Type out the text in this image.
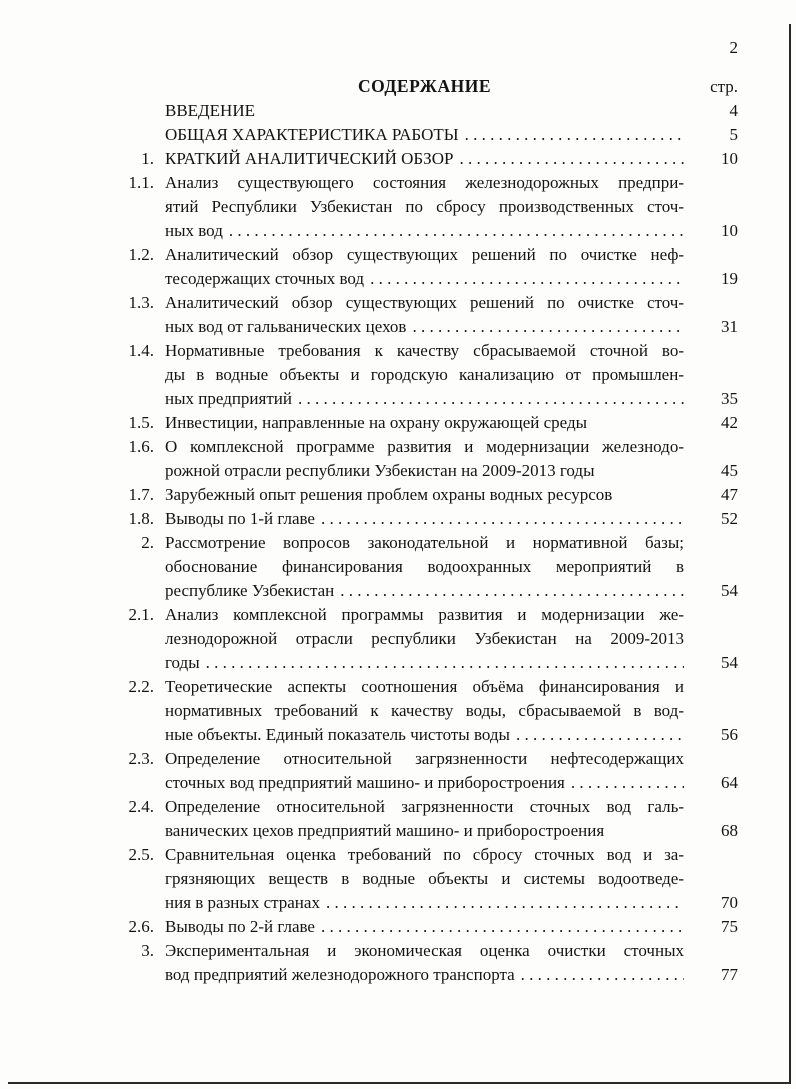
2
СОДЕРЖАНИЕ	стр.
ВВЕДЕНИЕ	4
ОБЩАЯ ХАРАКТЕРИСТИКА РАБОТЫ . . .	5
1. КРАТКИЙ АНАЛИТИЧЕСКИЙ ОБЗОР . . .	10
1.1. Анализ существующего состояния железнодорожных предпри-
ятий Республики Узбекистан по сбросу производственных сточ-
ных вод . . .	10
1.2. Аналитический обзор существующих решений по очистке неф-
тесодержащих сточных вод . . .	19
1.3. Аналитический обзор существующих решений по очистке сточ-
ных вод от гальванических цехов . . .	31
1.4. Нормативные требования к качеству сбрасываемой сточной во-
ды в водные объекты и городскую канализацию от промышлен-
ных предприятий . . .	35
1.5. Инвестиции, направленные на охрану окружающей среды	42
1.6. О комплексной программе развития и модернизации железнодо-
рожной отрасли республики Узбекистан на 2009-2013 годы	45
1.7. Зарубежный опыт решения проблем охраны водных ресурсов	47
1.8. Выводы по 1-й главе . . .	52
2. Рассмотрение вопросов законодательной и нормативной базы;
обоснование финансирования водоохранных мероприятий в
республике Узбекистан . . .	54
2.1. Анализ комплексной программы развития и модернизации же-
лезнодорожной отрасли республики Узбекистан на 2009-2013
годы . . .	54
2.2. Теоретические аспекты соотношения объёма финансирования и
нормативных требований к качеству воды, сбрасываемой в вод-
ные объекты. Единый показатель чистоты воды . . .	56
2.3. Определение относительной загрязненности нефтесодержащих
сточных вод предприятий машино- и приборостроения . . .	64
2.4. Определение относительной загрязненности сточных вод галь-
ванических цехов предприятий машино- и приборостроения	68
2.5. Сравнительная оценка требований по сбросу сточных вод и за-
грязняющих веществ в водные объекты и системы водоотведе-
ния в разных странах . . .	70
2.6. Выводы по 2-й главе . . .	75
3. Экспериментальная и экономическая оценка очистки сточных
вод предприятий железнодорожного транспорта . . .	77
